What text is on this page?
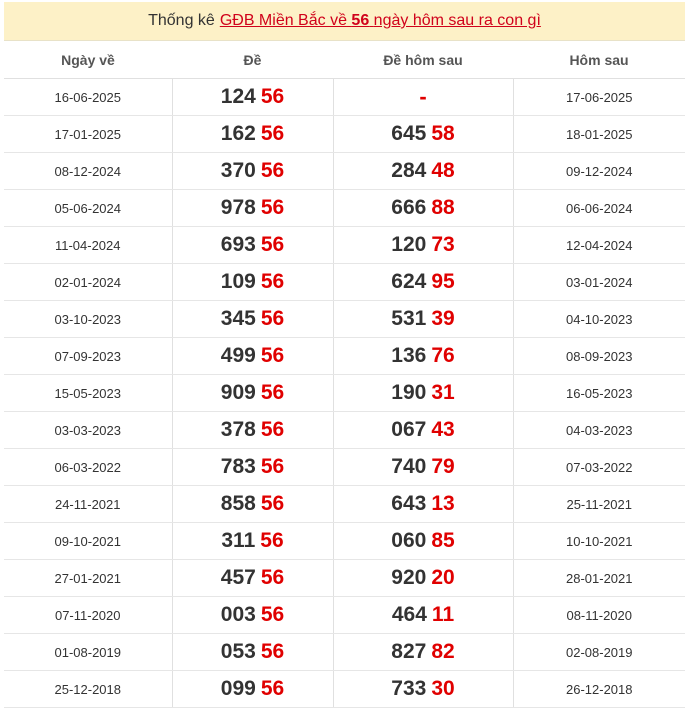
Thống kê GĐB Miền Bắc về 56 ngày hôm sau ra con gì
Ngày về	Đề	Đề hôm sau	Hôm sau
16-06-2025	124 56	-	17-06-2025
17-01-2025	162 56	645 58	18-01-2025
08-12-2024	370 56	284 48	09-12-2024
05-06-2024	978 56	666 88	06-06-2024
11-04-2024	693 56	120 73	12-04-2024
02-01-2024	109 56	624 95	03-01-2024
03-10-2023	345 56	531 39	04-10-2023
07-09-2023	499 56	136 76	08-09-2023
15-05-2023	909 56	190 31	16-05-2023
03-03-2023	378 56	067 43	04-03-2023
06-03-2022	783 56	740 79	07-03-2022
24-11-2021	858 56	643 13	25-11-2021
09-10-2021	311 56	060 85	10-10-2021
27-01-2021	457 56	920 20	28-01-2021
07-11-2020	003 56	464 11	08-11-2020
01-08-2019	053 56	827 82	02-08-2019
25-12-2018	099 56	733 30	26-12-2018
